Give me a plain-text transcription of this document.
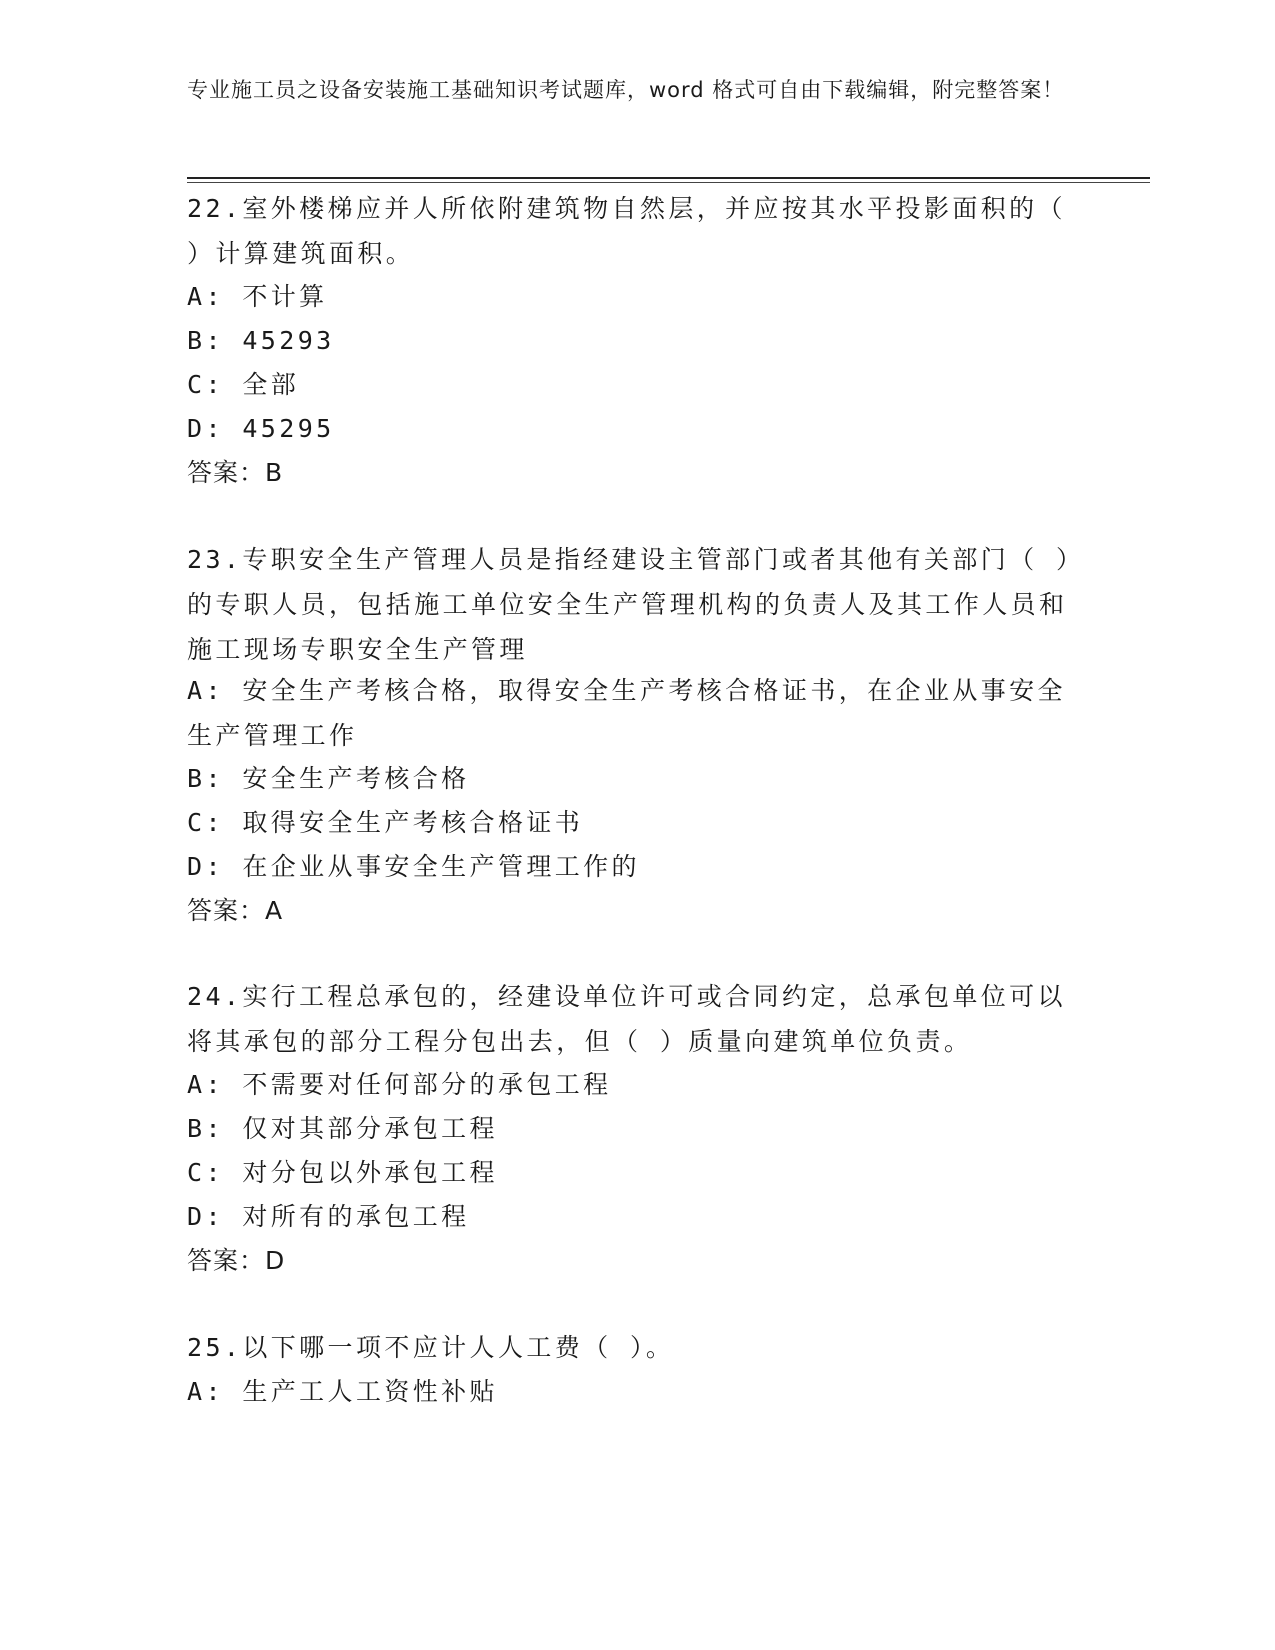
专业施工员之设备安装施工基础知识考试题库，word 格式可自由下载编辑，附完整答案！
22.室外楼梯应并人所依附建筑物自然层，并应按其水平投影面积的（ ）计算建筑面积。
A: 不计算
B: 45293
C: 全部
D: 45295
答案：B
23.专职安全生产管理人员是指经建设主管部门或者其他有关部门（ ）的专职人员，包括施工单位安全生产管理机构的负责人及其工作人员和施工现场专职安全生产管理
A: 安全生产考核合格，取得安全生产考核合格证书，在企业从事安全生产管理工作
B: 安全生产考核合格
C: 取得安全生产考核合格证书
D: 在企业从事安全生产管理工作的
答案：A
24.实行工程总承包的，经建设单位许可或合同约定，总承包单位可以将其承包的部分工程分包出去，但（ ）质量向建筑单位负责。
A: 不需要对任何部分的承包工程
B: 仅对其部分承包工程
C: 对分包以外承包工程
D: 对所有的承包工程
答案：D
25.以下哪一项不应计人人工费（ ）。
A: 生产工人工资性补贴
